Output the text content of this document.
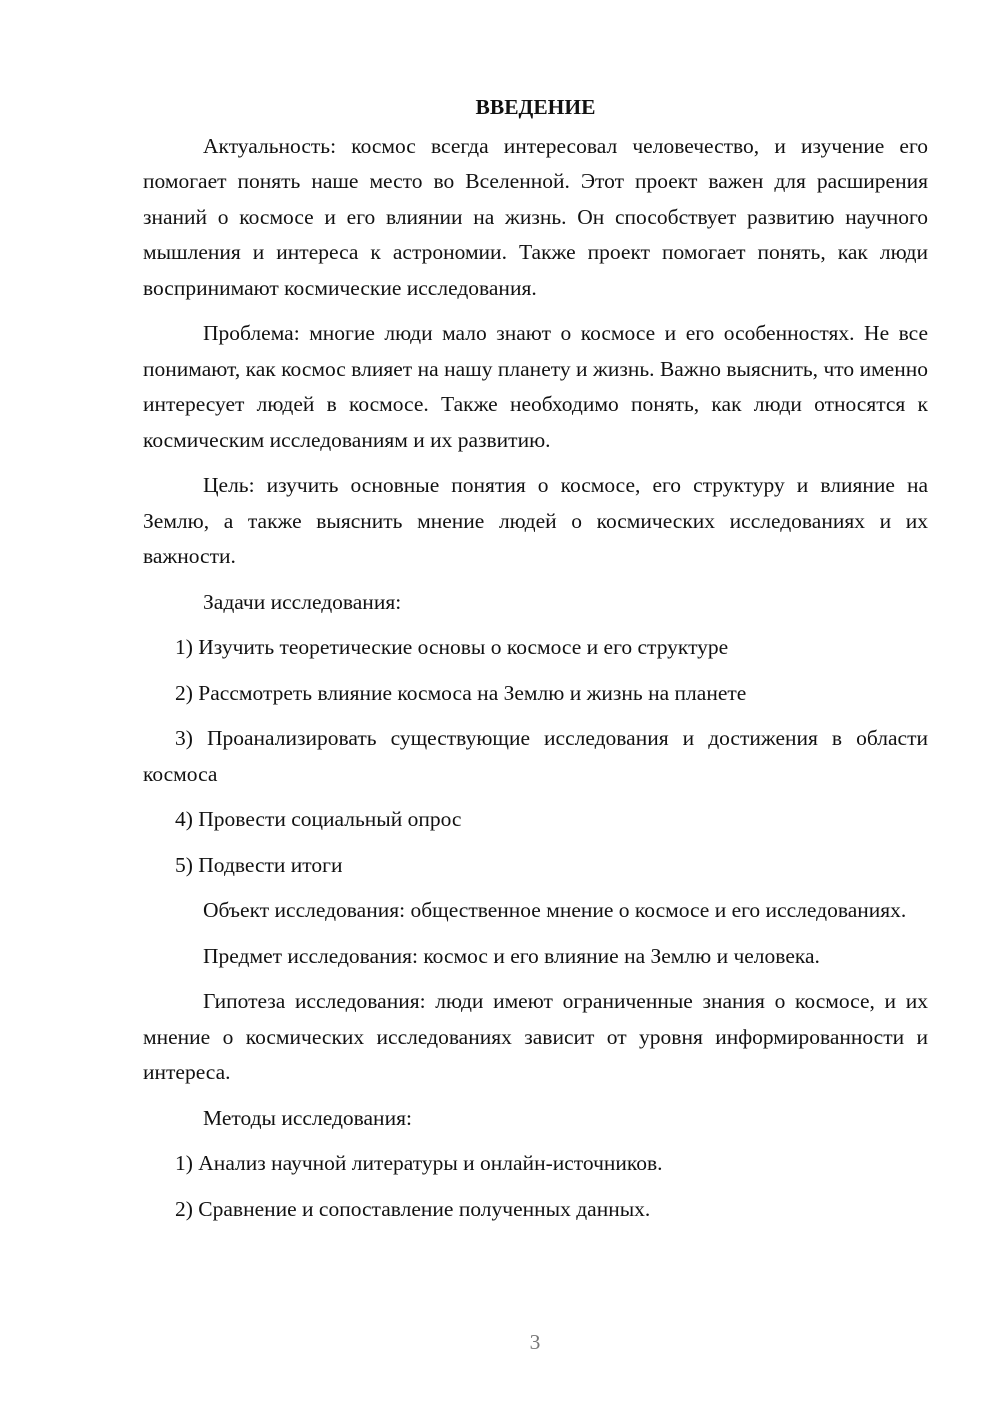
ВВЕДЕНИЕ

Актуальность: космос всегда интересовал человечество, и изучение его помогает понять наше место во Вселенной. Этот проект важен для расширения знаний о космосе и его влиянии на жизнь. Он способствует развитию научного мышления и интереса к астрономии. Также проект помогает понять, как люди воспринимают космические исследования.

Проблема: многие люди мало знают о космосе и его особенностях. Не все понимают, как космос влияет на нашу планету и жизнь. Важно выяснить, что именно интересует людей в космосе. Также необходимо понять, как люди относятся к космическим исследованиям и их развитию.

Цель: изучить основные понятия о космосе, его структуру и влияние на Землю, а также выяснить мнение людей о космических исследованиях и их важности.

Задачи исследования:

1) Изучить теоретические основы о космосе и его структуре

2) Рассмотреть влияние космоса на Землю и жизнь на планете

3) Проанализировать существующие исследования и достижения в области космоса

4) Провести социальный опрос

5) Подвести итоги

Объект исследования: общественное мнение о космосе и его исследованиях.

Предмет исследования: космос и его влияние на Землю и человека.

Гипотеза исследования: люди имеют ограниченные знания о космосе, и их мнение о космических исследованиях зависит от уровня информированности и интереса.

Методы исследования:

1) Анализ научной литературы и онлайн-источников.

2) Сравнение и сопоставление полученных данных.

3
